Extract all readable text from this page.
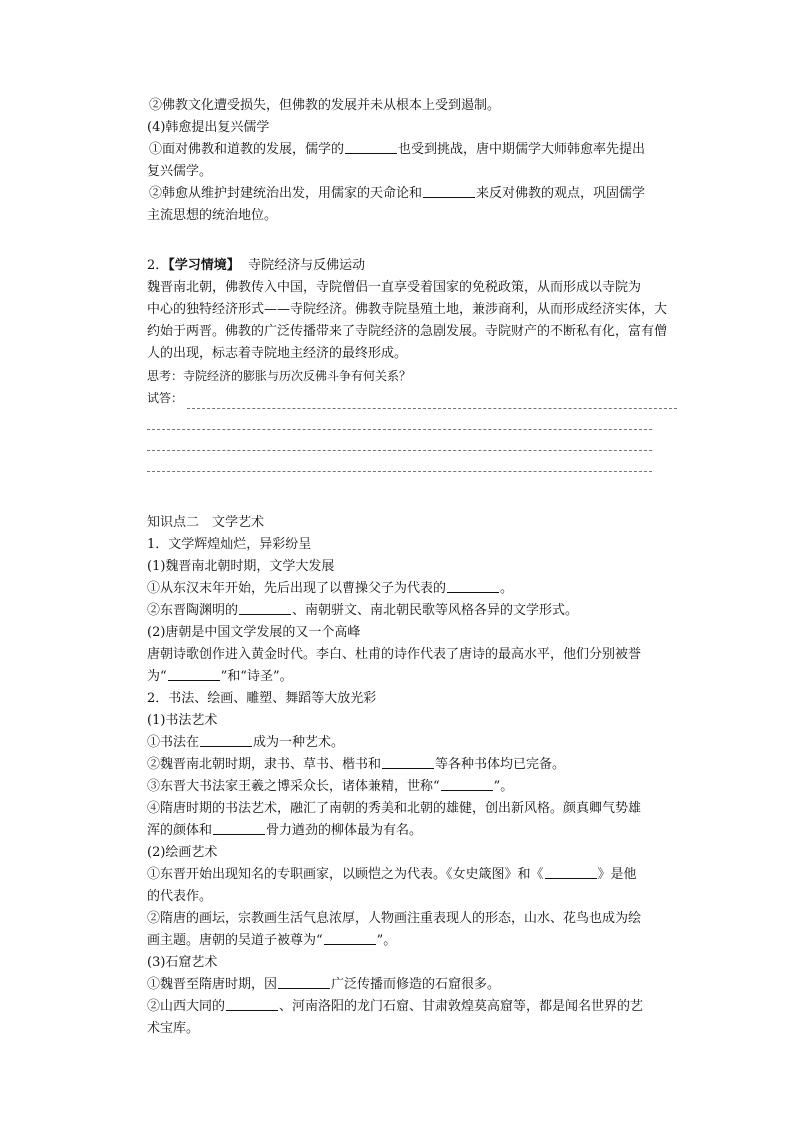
②佛教文化遭受损失，但佛教的发展并未从根本上受到遏制。

(4)韩愈提出复兴儒学

①面对佛教和道教的发展，儒学的	也受到挑战，唐中期儒学大师韩愈率先提出

复兴儒学。

②韩愈从维护封建统治出发，用儒家的天命论和	来反对佛教的观点，巩固儒学

主流思想的统治地位。

2．【学习情境】 寺院经济与反佛运动

魏晋南北朝，佛教传入中国，寺院僧侣一直享受着国家的免税政策，从而形成以寺院为

中心的独特经济形式——寺院经济。佛教寺院垦殖土地，兼涉商利，从而形成经济实体，大

约始于两晋。佛教的广泛传播带来了寺院经济的急剧发展。寺院财产的不断私有化，富有僧

人的出现，标志着寺院地主经济的最终形成。

思考：寺院经济的膨胀与历次反佛斗争有何关系？

试答：

知识点二　文学艺术

1．文学辉煌灿烂，异彩纷呈

(1)魏晋南北朝时期，文学大发展

①从东汉末年开始，先后出现了以曹操父子为代表的	。

②东晋陶渊明的	、南朝骈文、南北朝民歌等风格各异的文学形式。

(2)唐朝是中国文学发展的又一个高峰

唐朝诗歌创作进入黄金时代。李白、杜甫的诗作代表了唐诗的最高水平，他们分别被誉

为“	”和“诗圣”。

2．书法、绘画、雕塑、舞蹈等大放光彩

(1)书法艺术

①书法在	成为一种艺术。

②魏晋南北朝时期，隶书、草书、楷书和	等各种书体均已完备。

③东晋大书法家王羲之博采众长，诸体兼精，世称“	”。

④隋唐时期的书法艺术，融汇了南朝的秀美和北朝的雄健，创出新风格。颜真卿气势雄

浑的颜体和	骨力遒劲的柳体最为有名。

(2)绘画艺术

①东晋开始出现知名的专职画家，以顾恺之为代表。《女史箴图》和《	》是他

的代表作。

②隋唐的画坛，宗教画生活气息浓厚，人物画注重表现人的形态，山水、花鸟也成为绘

画主题。唐朝的吴道子被尊为“	”。

(3)石窟艺术

①魏晋至隋唐时期，因	广泛传播而修造的石窟很多。

②山西大同的	、河南洛阳的龙门石窟、甘肃敦煌莫高窟等，都是闻名世界的艺

术宝库。
